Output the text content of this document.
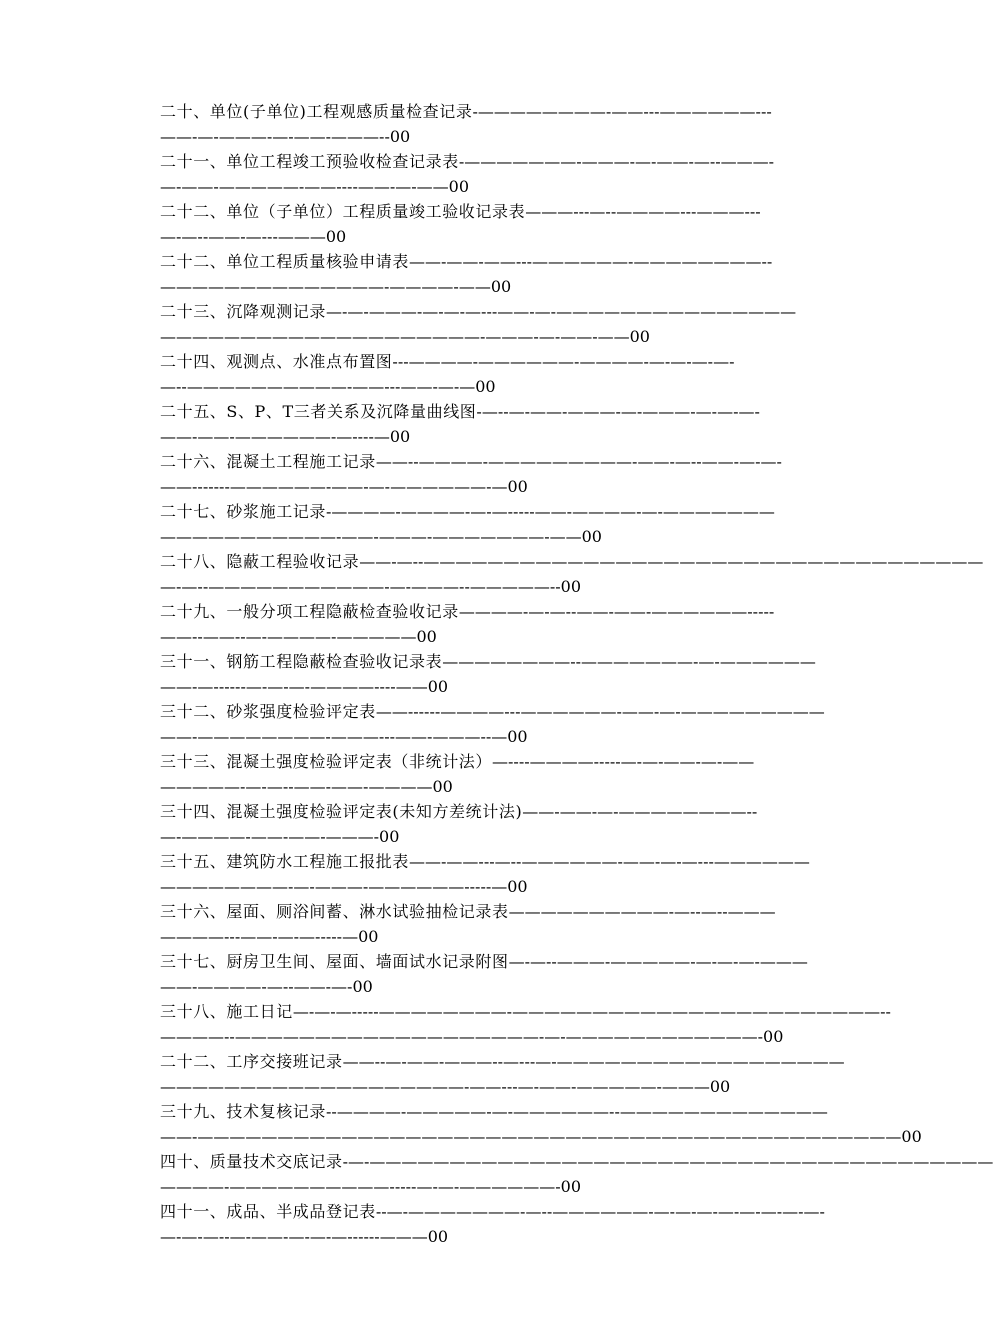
二十、单位(子单位)工程观感质量检查记录-————————-——---——————---
——-—-———-—-——-———--00
二十一、单位工程竣工预验收检查记录表-———————-———-—-——-—--———-
—-——-—————-——----——-—-——00
二十二、单位（子单位）工程质量竣工验收记录表———---—--————---———---
—-—--——-—---———00
二十二、单位工程质量核验申请表——-——-——---——————-————————--
——————————————-————-——00
二十三、沉降观测记录—-—-———-—-—-—---——-—-———————————————
————————————————————-———-—-——-——00
二十四、观测点、水准点布置图---————-——————-————-—-—-—-—-
—--——————————-——---——-—-—00
二十五、S、P、T三者关系及沉降量曲线图-—--—-——-———-—-———-—-—-—-
——-——-——————-—----—00
二十六、混凝土工程施工记录——--————-—————————-——-—--——-—-—-
——-------——————-——-—-——————-—00
二十七、砂浆施工记录-————-————-—-—-----——-————-—-———————
———————————-——-———-———————-——00
二十八、隐蔽工程验收记录——-—--———————————————————————————————————
—-—--———————————-—-———--—————--00
二十九、一般分项工程隐蔽检查验收记录————-—-—--——-——-——————-----
——--——--—-————-—————00
三十一、钢筋工程隐蔽检查验收记录表————————--———————-—-——————
——-—------—-—-—-————----——00
三十二、砂浆强度检验评定表——------————---——————-——-—-—————————
——-————————-———---——-———--—00
三十三、混凝土强度检验评定表（非统计法）—----————-----—-—-——-—-——
—————-—-—--——-——-————00
三十四、混凝土强度检验评定表(未知方差统计法)——-——-—-————————--
—-————-——-——-———-00
三十五、建筑防水工程施工报批表——-——---—--——————-——-—-—---——————
————————-—-———-——————-----—00
三十六、屋面、厕浴间蓄、淋水试验抽检记录表——————————-—--—--———
————---——-—-—-----—00
三十七、厨房卫生间、屋面、墙面试水记录附图—-—--———-—————-—-—-—-———
——-————-—--——-—-00
三十八、施工日记—-—-—-----————————-———————————————————————--
————--———————————————————-—-————————————-00
二十二、工序交接班记录——--—-——-———--—---—-——————————————————
———————————————————-——---—-——-—————-———00
三十九、技术复核记录--————-—————-—-——————--—————————————
——-————————————————————————————————————————————00
四十、质量技术交底记录-—-———————————————————————————————————————
————-——————————-----—-—-——————-00
四十一、成品、半成品登记表--—-———————-—--——————-—-—-—-—-—-—-—-—-
—-—-—--—-——-—-—-—------———00
